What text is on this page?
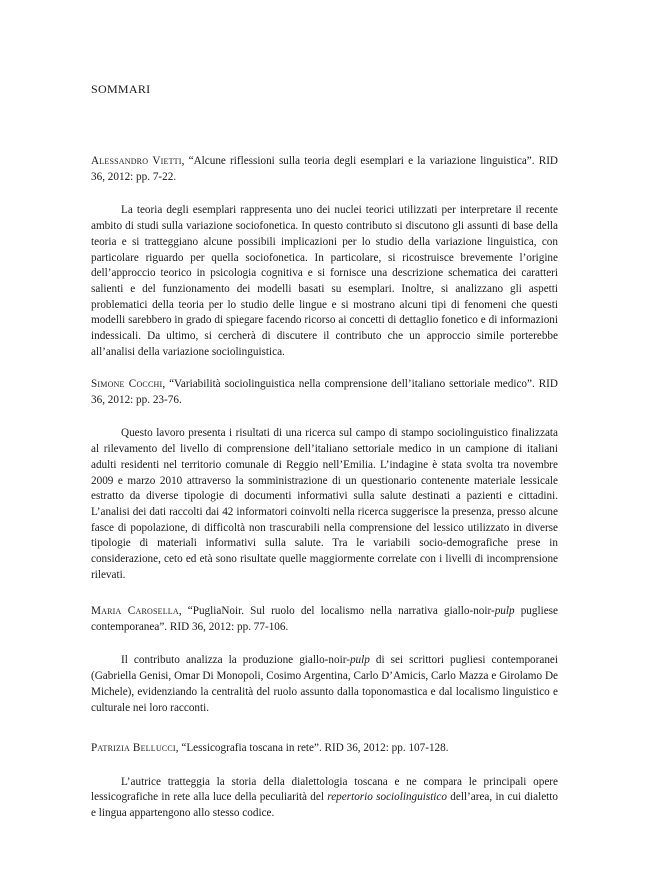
SOMMARI

Alessandro Vietti, “Alcune riflessioni sulla teoria degli esemplari e la variazione linguistica”. RID 36, 2012: pp. 7-22.

La teoria degli esemplari rappresenta uno dei nuclei teorici utilizzati per interpretare il recente ambito di studi sulla variazione sociofonetica. In questo contributo si discutono gli assunti di base della teoria e si tratteggiano alcune possibili implicazioni per lo studio della variazione linguistica, con particolare riguardo per quella sociofonetica. In particolare, si ricostruisce brevemente l’origine dell’approccio teorico in psicologia cognitiva e si fornisce una descrizione schematica dei caratteri salienti e del funzionamento dei modelli basati su esemplari. Inoltre, si analizzano gli aspetti problematici della teoria per lo studio delle lingue e si mostrano alcuni tipi di fenomeni che questi modelli sarebbero in grado di spiegare facendo ricorso ai concetti di dettaglio fonetico e di informazioni indessicali. Da ultimo, si cercherà di discutere il contributo che un approccio simile porterebbe all’analisi della variazione sociolinguistica.

Simone Cocchi, “Variabilità sociolinguistica nella comprensione dell’italiano settoriale medico”. RID 36, 2012: pp. 23-76.

Questo lavoro presenta i risultati di una ricerca sul campo di stampo sociolinguistico finalizzata al rilevamento del livello di comprensione dell’italiano settoriale medico in un campione di italiani adulti residenti nel territorio comunale di Reggio nell’Emilia. L’indagine è stata svolta tra novembre 2009 e marzo 2010 attraverso la somministrazione di un questionario contenente materiale lessicale estratto da diverse tipologie di documenti informativi sulla salute destinati a pazienti e cittadini. L’analisi dei dati raccolti dai 42 informatori coinvolti nella ricerca suggerisce la presenza, presso alcune fasce di popolazione, di difficoltà non trascurabili nella comprensione del lessico utilizzato in diverse tipologie di materiali informativi sulla salute. Tra le variabili socio-demografiche prese in considerazione, ceto ed età sono risultate quelle maggiormente correlate con i livelli di incomprensione rilevati.

Maria Carosella, “PugliaNoir. Sul ruolo del localismo nella narrativa giallo-noir-pulp pugliese contemporanea”. RID 36, 2012: pp. 77-106.

Il contributo analizza la produzione giallo-noir-pulp di sei scrittori pugliesi contemporanei (Gabriella Genisi, Omar Di Monopoli, Cosimo Argentina, Carlo D’Amicis, Carlo Mazza e Girolamo De Michele), evidenziando la centralità del ruolo assunto dalla toponomastica e dal localismo linguistico e culturale nei loro racconti.

Patrizia Bellucci, “Lessicografia toscana in rete”. RID 36, 2012: pp. 107-128.

L’autrice tratteggia la storia della dialettologia toscana e ne compara le principali opere lessicografiche in rete alla luce della peculiarità del repertorio sociolinguistico dell’area, in cui dialetto e lingua appartengono allo stesso codice.
